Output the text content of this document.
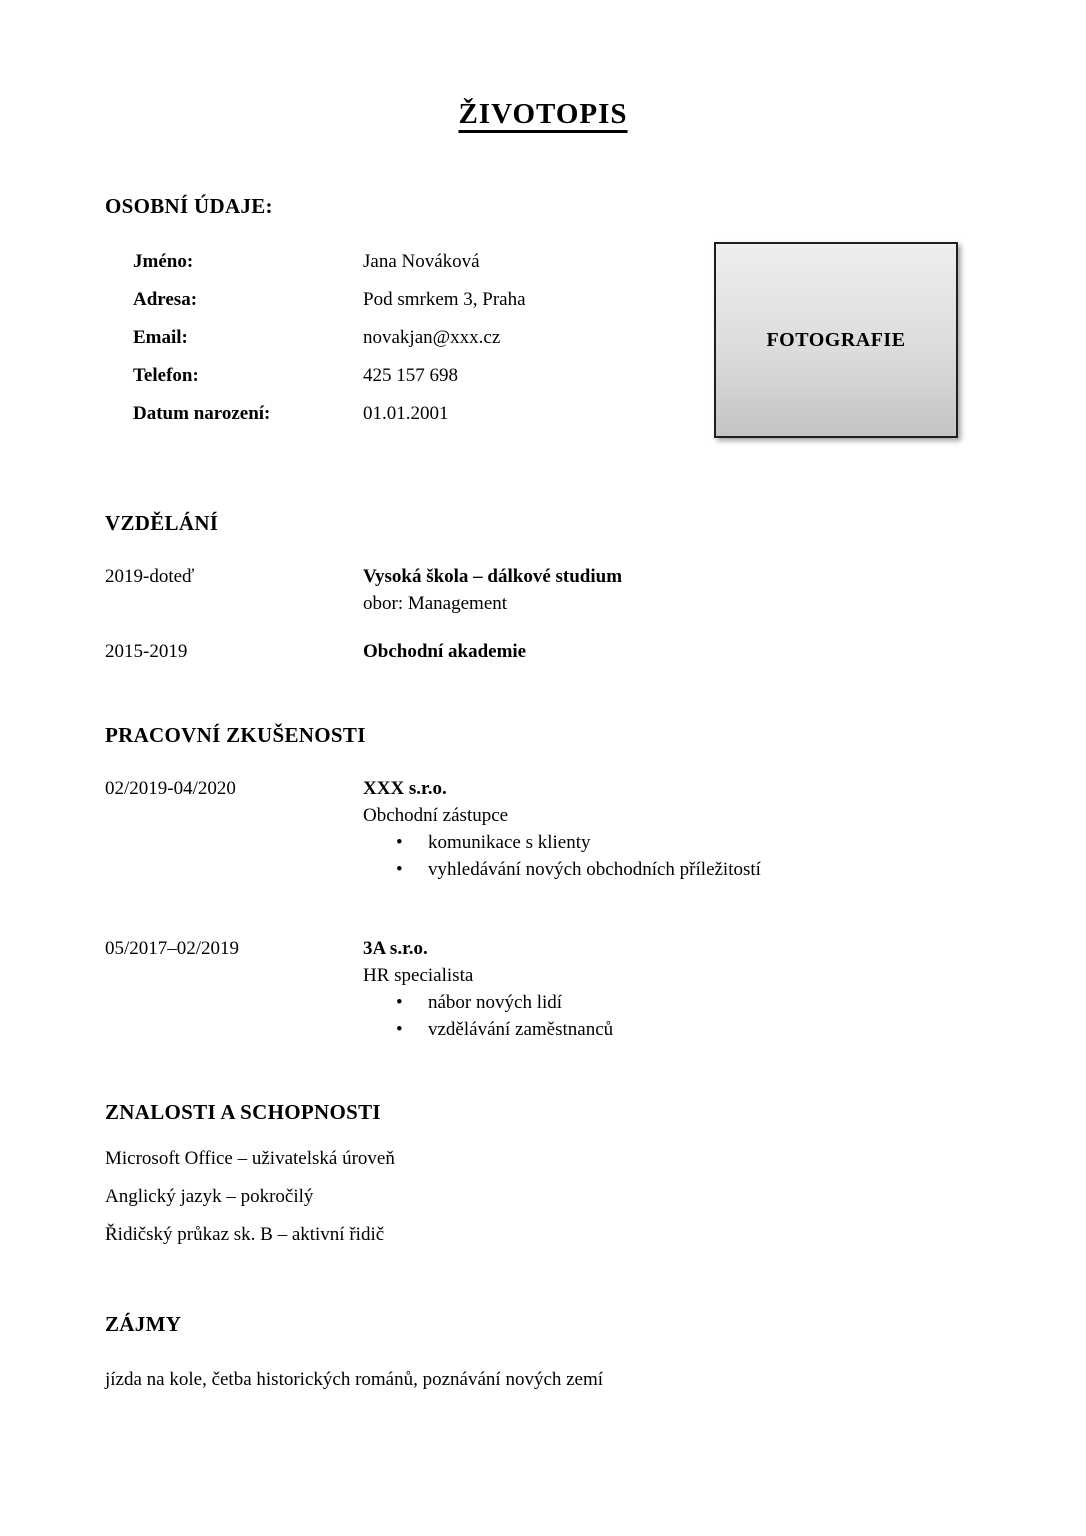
ŽIVOTOPIS
OSOBNÍ ÚDAJE:
Jméno:	Jana Nováková
Adresa:	Pod smrkem 3, Praha
Email:	novakjan@xxx.cz
Telefon:	425 157 698
Datum narození:	01.01.2001
FOTOGRAFIE
VZDĚLÁNÍ
2019-doteď	Vysoká škola – dálkové studium
obor: Management
2015-2019	Obchodní akademie
PRACOVNÍ ZKUŠENOSTI
02/2019-04/2020	XXX s.r.o.
Obchodní zástupce
• komunikace s klienty
• vyhledávání nových obchodních příležitostí
05/2017–02/2019	3A s.r.o.
HR specialista
• nábor nových lidí
• vzdělávání zaměstnanců
ZNALOSTI A SCHOPNOSTI

Microsoft Office – uživatelská úroveň

Anglický jazyk – pokročilý

Řidičský průkaz sk. B – aktivní řidič

ZÁJMY

jízda na kole, četba historických románů, poznávání nových zemí
